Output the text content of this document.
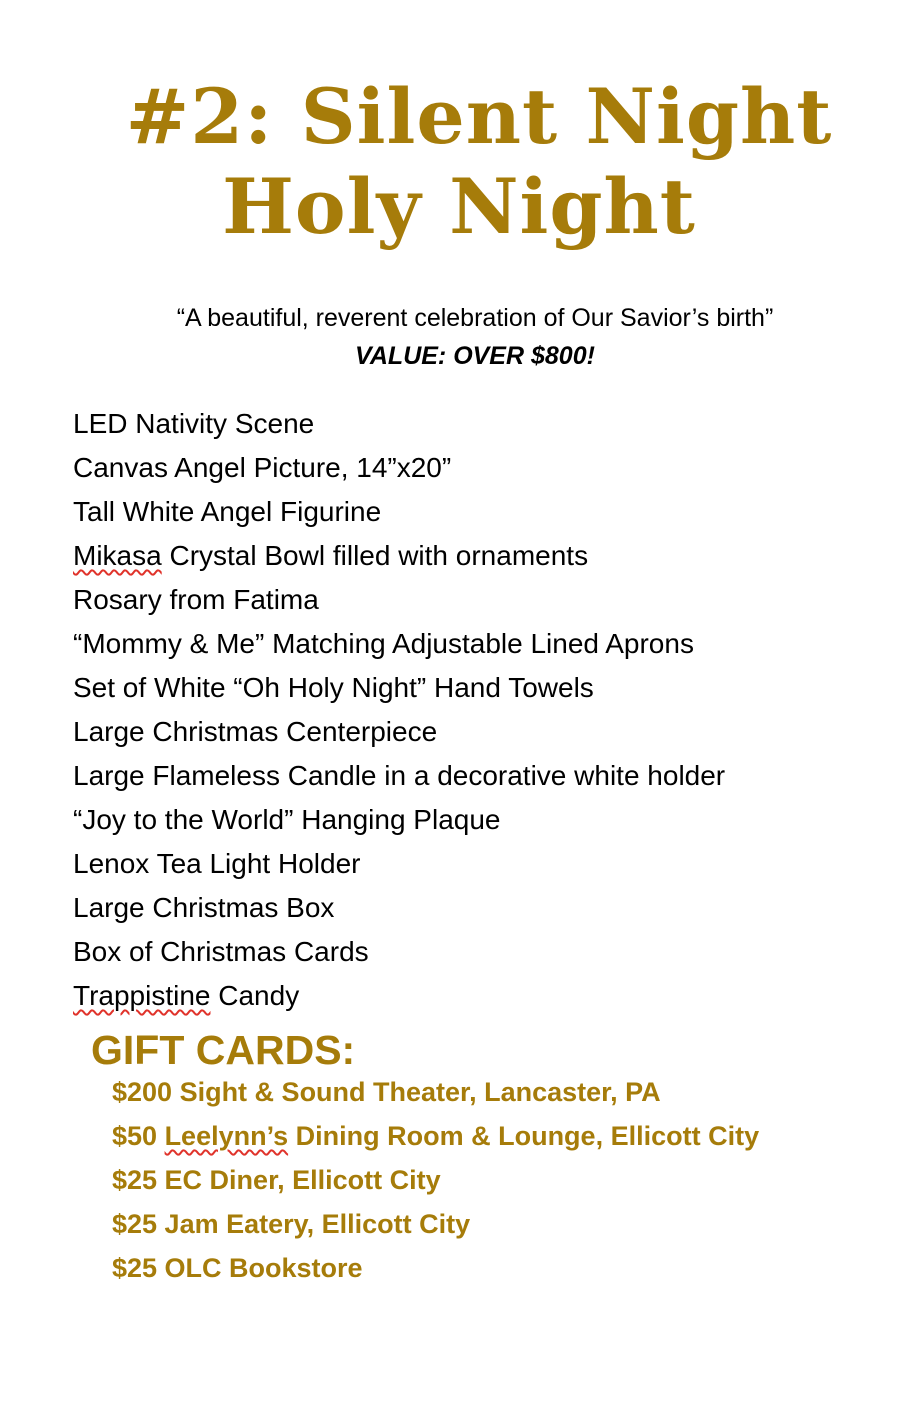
#2: Silent Night
Holy Night
“A beautiful, reverent celebration of Our Savior’s birth”
VALUE: OVER $800!
LED Nativity Scene
Canvas Angel Picture, 14”x20”
Tall White Angel Figurine
Mikasa Crystal Bowl filled with ornaments
Rosary from Fatima
“Mommy & Me” Matching Adjustable Lined Aprons
Set of White “Oh Holy Night” Hand Towels
Large Christmas Centerpiece
Large Flameless Candle in a decorative white holder
“Joy to the World” Hanging Plaque
Lenox Tea Light Holder
Large Christmas Box
Box of Christmas Cards
Trappistine Candy
GIFT CARDS:
$200 Sight & Sound Theater, Lancaster, PA
$50 Leelynn’s Dining Room & Lounge, Ellicott City
$25 EC Diner, Ellicott City
$25 Jam Eatery, Ellicott City
$25 OLC Bookstore
